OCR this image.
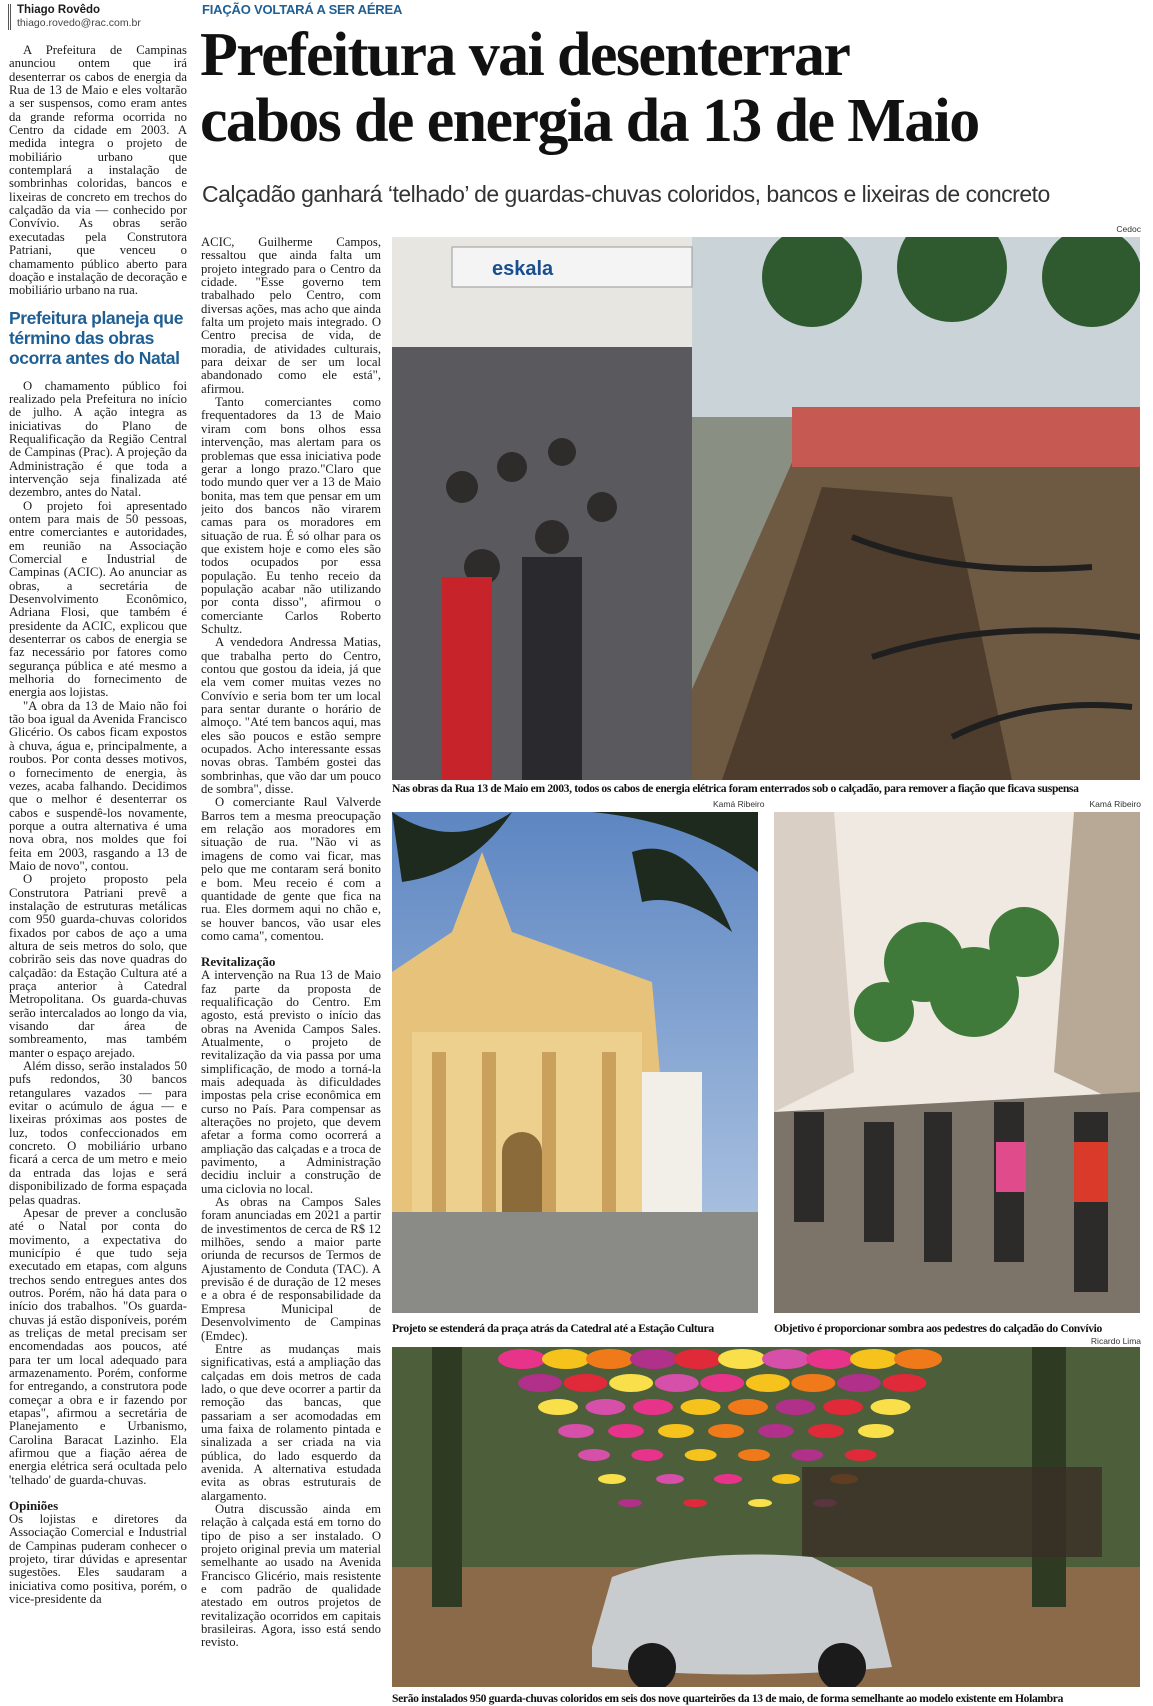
Thiago Rovêdo
thiago.rovedo@rac.com.br
FIAÇÃO VOLTARÁ A SER AÉREA
Prefeitura vai desenterrar
cabos de energia da 13 de Maio
Calçadão ganhará ‘telhado’ de guardas-chuvas coloridos, bancos e lixeiras de concreto

A Prefeitura de Campinas anunciou ontem que irá desenterrar os cabos de energia da Rua de 13 de Maio e eles voltarão a ser suspensos, como eram antes da grande reforma ocorrida no Centro da cidade em 2003. A medida integra o projeto de mobiliário urbano que contemplará a instalação de sombrinhas coloridas, bancos e lixeiras de concreto em trechos do calçadão da via — conhecido por Convívio. As obras serão executadas pela Construtora Patriani, que venceu o chamamento público aberto para doação e instalação de decoração e mobiliário urbano na rua.

Prefeitura planeja que término das obras ocorra antes do Natal

O chamamento público foi realizado pela Prefeitura no início de julho. A ação integra as iniciativas do Plano de Requalificação da Região Central de Campinas (Prac). A projeção da Administração é que toda a intervenção seja finalizada até dezembro, antes do Natal.

O projeto foi apresentado ontem para mais de 50 pessoas, entre comerciantes e autoridades, em reunião na Associação Comercial e Industrial de Campinas (ACIC). Ao anunciar as obras, a secretária de Desenvolvimento Econômico, Adriana Flosi, que também é presidente da ACIC, explicou que desenterrar os cabos de energia se faz necessário por fatores como segurança pública e até mesmo a melhoria do fornecimento de energia aos lojistas.

"A obra da 13 de Maio não foi tão boa igual da Avenida Francisco Glicério. Os cabos ficam expostos à chuva, água e, principalmente, a roubos. Por conta desses motivos, o fornecimento de energia, às vezes, acaba falhando. Decidimos que o melhor é desenterrar os cabos e suspendê-los novamente, porque a outra alternativa é uma nova obra, nos moldes que foi feita em 2003, rasgando a 13 de Maio de novo", contou.

O projeto proposto pela Construtora Patriani prevê a instalação de estruturas metálicas com 950 guarda-chuvas coloridos fixados por cabos de aço a uma altura de seis metros do solo, que cobrirão seis das nove quadras do calçadão: da Estação Cultura até a praça anterior à Catedral Metropolitana. Os guarda-chuvas serão intercalados ao longo da via, visando dar área de sombreamento, mas também manter o espaço arejado.

Além disso, serão instalados 50 pufs redondos, 30 bancos retangulares vazados — para evitar o acúmulo de água — e lixeiras próximas aos postes de luz, todos confeccionados em concreto. O mobiliário urbano ficará a cerca de um metro e meio da entrada das lojas e será disponibilizado de forma espaçada pelas quadras.

Apesar de prever a conclusão até o Natal por conta do movimento, a expectativa do município é que tudo seja executado em etapas, com alguns trechos sendo entregues antes dos outros. Porém, não há data para o início dos trabalhos. "Os guarda-chuvas já estão disponíveis, porém as treliças de metal precisam ser encomendadas aos poucos, até para ter um local adequado para armazenamento. Porém, conforme for entregando, a construtora pode começar a obra e ir fazendo por etapas", afirmou a secretária de Planejamento e Urbanismo, Carolina Baracat Lazinho. Ela afirmou que a fiação aérea de energia elétrica será ocultada pelo 'telhado' de guarda-chuvas.

Opiniões

Os lojistas e diretores da Associação Comercial e Industrial de Campinas puderam conhecer o projeto, tirar dúvidas e apresentar sugestões. Eles saudaram a iniciativa como positiva, porém, o vice-presidente da

ACIC, Guilherme Campos, ressaltou que ainda falta um projeto integrado para o Centro da cidade. "Esse governo tem trabalhado pelo Centro, com diversas ações, mas acho que ainda falta um projeto mais integrado. O Centro precisa de vida, de moradia, de atividades culturais, para deixar de ser um local abandonado como ele está", afirmou.

Tanto comerciantes como frequentadores da 13 de Maio viram com bons olhos essa intervenção, mas alertam para os problemas que essa iniciativa pode gerar a longo prazo."Claro que todo mundo quer ver a 13 de Maio bonita, mas tem que pensar em um jeito dos bancos não virarem camas para os moradores em situação de rua. É só olhar para os que existem hoje e como eles são todos ocupados por essa população. Eu tenho receio da população acabar não utilizando por conta disso", afirmou o comerciante Carlos Roberto Schultz.

A vendedora Andressa Matias, que trabalha perto do Centro, contou que gostou da ideia, já que ela vem comer muitas vezes no Convívio e seria bom ter um local para sentar durante o horário de almoço. "Até tem bancos aqui, mas eles são poucos e estão sempre ocupados. Acho interessante essas novas obras. Também gostei das sombrinhas, que vão dar um pouco de sombra", disse.

O comerciante Raul Valverde Barros tem a mesma preocupação em relação aos moradores em situação de rua. "Não vi as imagens de como vai ficar, mas pelo que me contaram será bonito e bom. Meu receio é com a quantidade de gente que fica na rua. Eles dormem aqui no chão e, se houver bancos, vão usar eles como cama", comentou.

Revitalização

A intervenção na Rua 13 de Maio faz parte da proposta de requalificação do Centro. Em agosto, está previsto o início das obras na Avenida Campos Sales. Atualmente, o projeto de revitalização da via passa por uma simplificação, de modo a torná-la mais adequada às dificuldades impostas pela crise econômica em curso no País. Para compensar as alterações no projeto, que devem afetar a forma como ocorrerá a ampliação das calçadas e a troca de pavimento, a Administração decidiu incluir a construção de uma ciclovia no local.

As obras na Campos Sales foram anunciadas em 2021 a partir de investimentos de cerca de R$ 12 milhões, sendo a maior parte oriunda de recursos de Termos de Ajustamento de Conduta (TAC). A previsão é de duração de 12 meses e a obra é de responsabilidade da Empresa Municipal de Desenvolvimento de Campinas (Emdec).

Entre as mudanças mais significativas, está a ampliação das calçadas em dois metros de cada lado, o que deve ocorrer a partir da remoção das bancas, que passariam a ser acomodadas em uma faixa de rolamento pintada e sinalizada a ser criada na via pública, do lado esquerdo da avenida. A alternativa estudada evita as obras estruturais de alargamento.

Outra discussão ainda em relação à calçada está em torno do tipo de piso a ser instalado. O projeto original previa um material semelhante ao usado na Avenida Francisco Glicério, mais resistente e com padrão de qualidade atestado em outros projetos de revitalização ocorridos em capitais brasileiras. Agora, isso está sendo revisto.

Cedoc
eskala
Nas obras da Rua 13 de Maio em 2003, todos os cabos de energia elétrica foram enterrados sob o calçadão, para remover a fiação que ficava suspensa
Kamá Ribeiro
Projeto se estenderá da praça atrás da Catedral até a Estação Cultura
Kamá Ribeiro
Objetivo é proporcionar sombra aos pedestres do calçadão do Convívio
Ricardo Lima
Serão instalados 950 guarda-chuvas coloridos em seis dos nove quarteirões da 13 de maio, de forma semelhante ao modelo existente em Holambra
